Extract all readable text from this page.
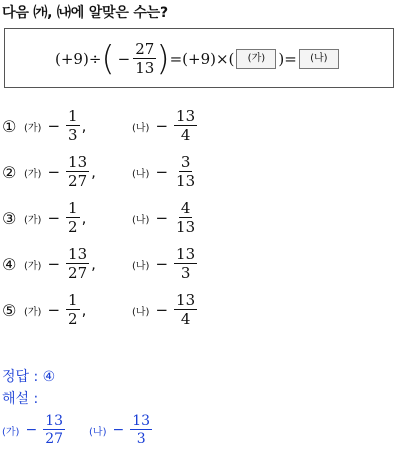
다음 ㈎, ㈏에 알맞은 수는?
(+9)÷ ( − $\frac{27}{13}$ ) =(+9)×(	(가) )=	(나)
① (가) − $\frac{1}{3}$ ,	(나) − $\frac{13}{4}$
② (가) − $\frac{13}{27}$ ,	(나) − $\frac{3}{13}$
③ (가) − $\frac{1}{2}$ ,	(나) − $\frac{4}{13}$
④ (가) − $\frac{13}{27}$ ,	(나) − $\frac{13}{3}$
⑤ (가) − $\frac{1}{2}$ ,	(나) − $\frac{13}{4}$
정답 : ④
해설 :
(가) − $\frac{13}{27}$ (나) − $\frac{13}{3}$
